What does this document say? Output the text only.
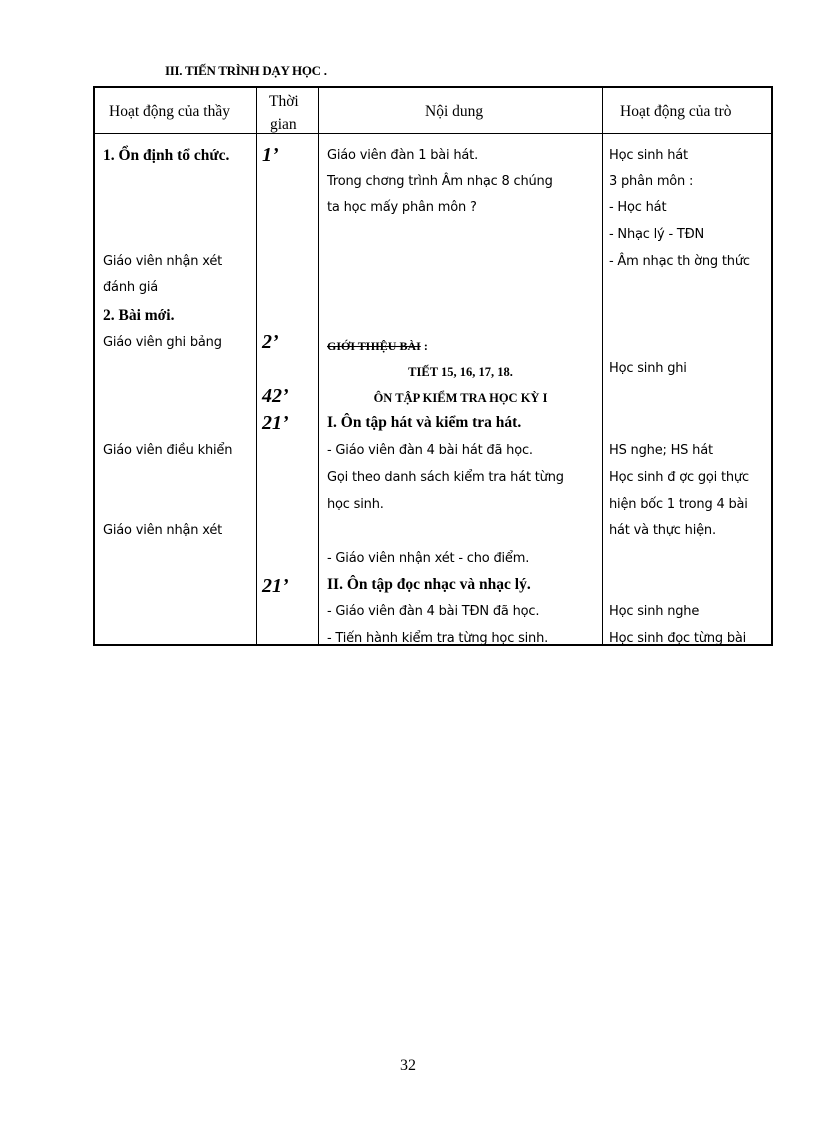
III. TIẾN TRÌNH DẠY HỌC .
Hoạt động của thầy
Thời
gian
Nội dung	Hoạt động của trò
1. Ổn định tổ chức.
Giáo viên nhận xét
đánh giá
2. Bài mới.
Giáo viên ghi bảng
Giáo viên điều khiển
Giáo viên nhận xét
1’
2’
42’
21’
21’
Giáo viên đàn 1 bài hát.
Trong chơng trình Âm nhạc 8 chúng
ta học mấy phân môn ?
GIỚI THIỆU BÀI :
TIẾT 15, 16, 17, 18.
ÔN TẬP KIỂM TRA HỌC KỲ I
I. Ôn tập hát và kiểm tra hát.
- Giáo viên đàn 4 bài hát đã học.
Gọi theo danh sách kiểm tra hát từng
học sinh.
- Giáo viên nhận xét - cho điểm.
II. Ôn tập đọc nhạc và nhạc lý.
- Giáo viên đàn 4 bài TĐN đã học.
- Tiến hành kiểm tra từng học sinh.
Học sinh hát
3 phân môn :
- Học hát
- Nhạc lý - TĐN
- Âm nhạc th ờng thức
Học sinh ghi
HS nghe; HS hát
Học sinh đ ợc gọi thực
hiện bốc 1 trong 4 bài
hát và thực hiện.
Học sinh nghe
Học sinh đọc từng bài
32
